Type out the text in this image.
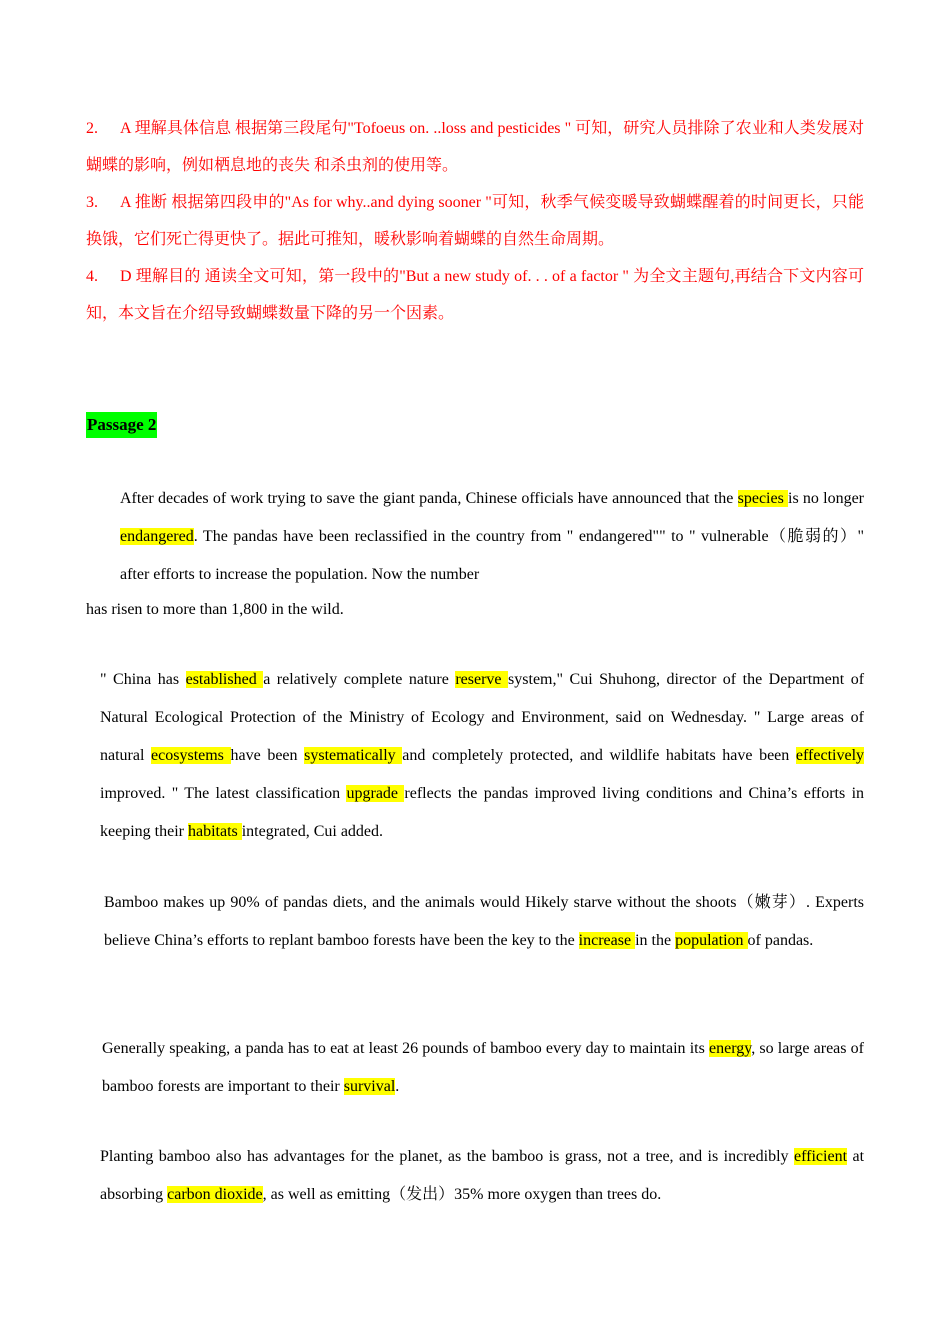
2. A 理解具体信息 根据第三段尾句"Tofoeus on. ..loss and pesticides " 可知，研究人员排除了农业和人类发展对蝴蝶的影响，例如栖息地的丧失 和杀虫剂的使用等。
3. A 推断 根据第四段申的"As for why..and dying sooner "可知，秋季气候变暖导致蝴蝶醒着的时间更长，只能换饿，它们死亡得更快了。据此可推知，暖秋影响着蝴蝶的自然生命周期。
4. D 理解目的 通读全文可知，第一段中的"But a new study of. . . of a factor " 为全文主题句,再结合下文内容可知，本文旨在介绍导致蝴蝶数量下降的另一个因素。
Passage 2
After decades of work trying to save the giant panda, Chinese officials have announced that the species is no longer endangered. The pandas have been reclassified in the country from " endangered"" to " vulnerable（脆弱的）" after efforts to increase the population. Now the number
has risen to more than 1,800 in the wild.
" China has established a relatively complete nature reserve system," Cui Shuhong, director of the Department of Natural Ecological Protection of the Ministry of Ecology and Environment, said on Wednesday. " Large areas of natural ecosystems have been systematically and completely protected, and wildlife habitats have been effectively improved. " The latest classification upgrade reflects the pandas improved living conditions and China’s efforts in keeping their habitats integrated, Cui added.
Bamboo makes up 90% of pandas diets, and the animals would Hikely starve without the shoots（嫩芽）. Experts believe China’s efforts to replant bamboo forests have been the key to the increase in the population of pandas.
Generally speaking, a panda has to eat at least 26 pounds of bamboo every day to maintain its energy, so large areas of bamboo forests are important to their survival.
Planting bamboo also has advantages for the planet, as the bamboo is grass, not a tree, and is incredibly efficient at absorbing carbon dioxide, as well as emitting（发出）35% more oxygen than trees do.
